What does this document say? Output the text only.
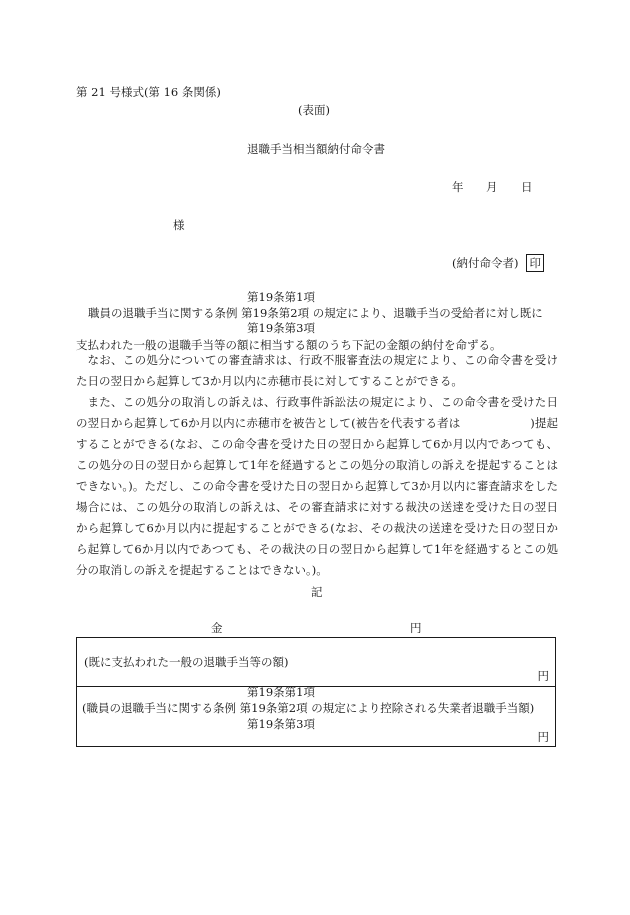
第 21 号様式(第 16 条関係)
(表面)
退職手当相当額納付命令書
年 月 日
様
(納付命令者) 印
第19条第1項
職員の退職手当に関する条例 第19条第2項 の規定により、退職手当の受給者に対し既に
第19条第3項
支払われた一般の退職手当等の額に相当する額のうち下記の金額の納付を命ずる。
なお、この処分についての審査請求は、行政不服審査法の規定により、この命令書を受けた日の翌日から起算して3か月以内に赤穂市長に対してすることができる。
また、この処分の取消しの訴えは、行政事件訴訟法の規定により、この命令書を受けた日の翌日から起算して6か月以内に赤穂市を被告として(被告を代表する者は　　　　　　)提起することができる(なお、この命令書を受けた日の翌日から起算して6か月以内であつても、この処分の日の翌日から起算して1年を経過するとこの処分の取消しの訴えを提起することはできない。)。ただし、この命令書を受けた日の翌日から起算して3か月以内に審査請求をした場合には、この処分の取消しの訴えは、その審査請求に対する裁決の送達を受けた日の翌日から起算して6か月以内に提起することができる(なお、その裁決の送達を受けた日の翌日から起算して6か月以内であつても、その裁決の日の翌日から起算して1年を経過するとこの処分の取消しの訴えを提起することはできない。)。
記
金	円
(既に支払われた一般の退職手当等の額)
円
第19条第1項
(職員の退職手当に関する条例 第19条第2項 の規定により控除される失業者退職手当額)
第19条第3項
円
